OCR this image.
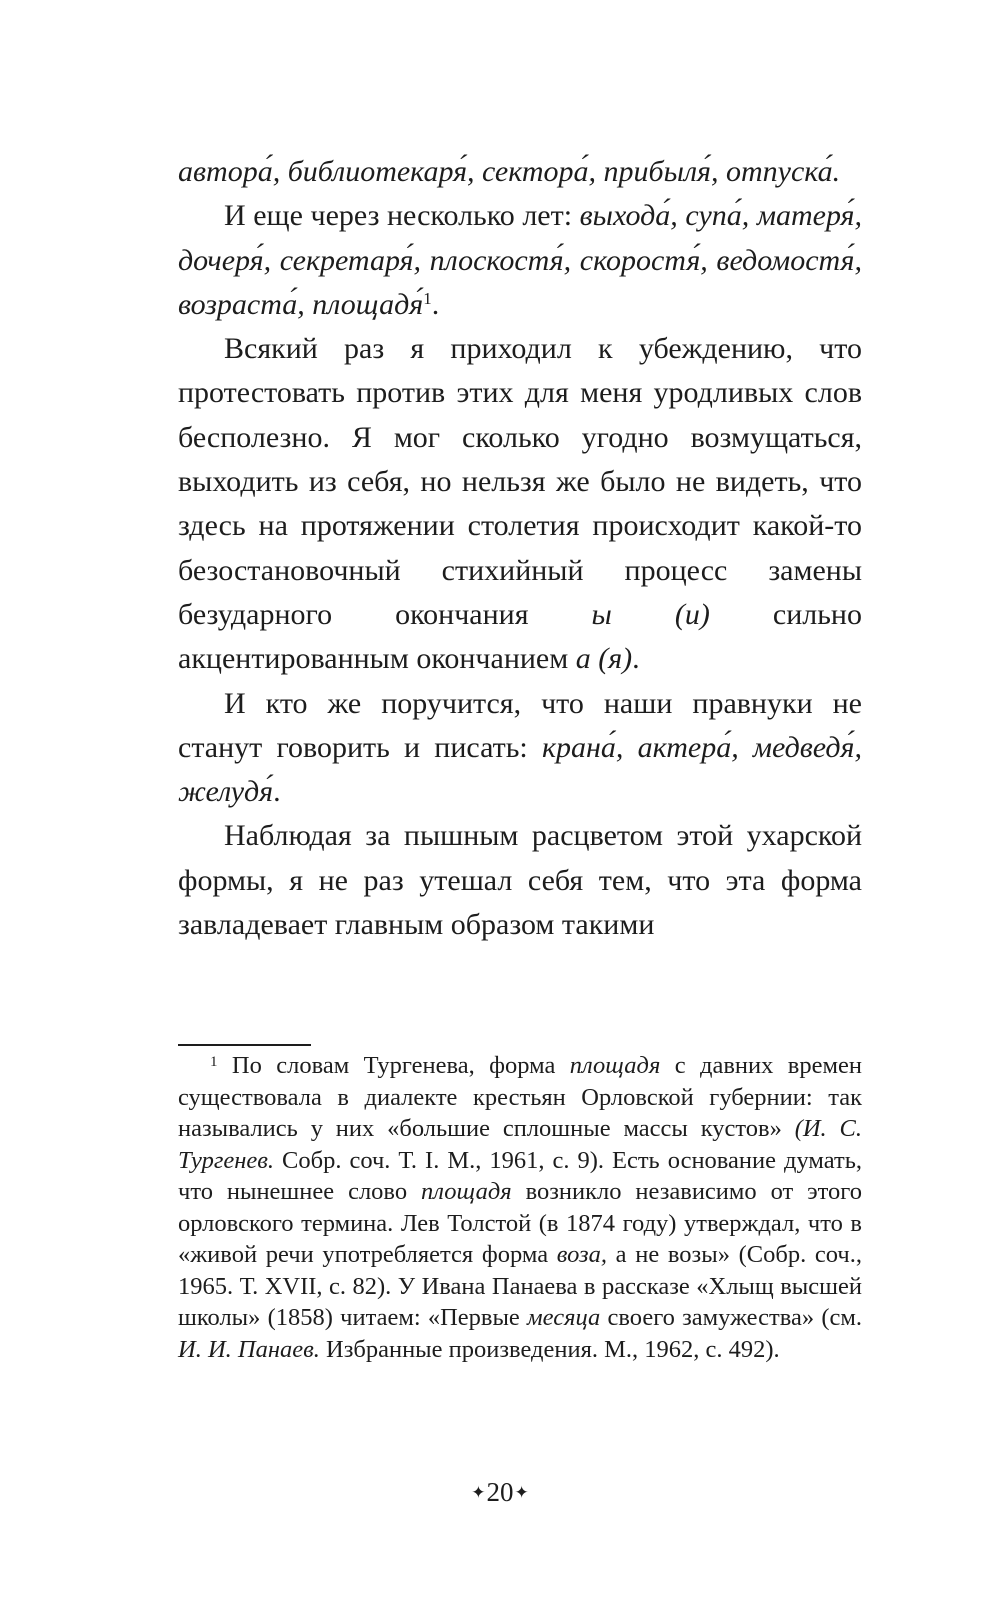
автора́, библиотекаря́, сектора́, прибыля́, отпуска́.

И еще через несколько лет: выхода́, супа́, матеря́, дочеря́, секретаря́, плоскостя́, скоростя́, ведомостя́, возраста́, площадя́$^1$.

Всякий раз я приходил к убеждению, что протестовать против этих для меня уродливых слов бесполезно. Я мог сколько угодно возмущаться, выходить из себя, но нельзя же было не видеть, что здесь на протяжении столетия происходит какой-то безостановочный стихийный процесс замены безударного окончания ы (и) сильно акцентированным окончанием а (я).

И кто же поручится, что наши правнуки не станут говорить и писать: крана́, актера́, медведя́, желудя́.

Наблюдая за пышным расцветом этой ухарской формы, я не раз утешал себя тем, что эта форма завладевает главным образом такими

$^1$ По словам Тургенева, форма площадя с давних времен существовала в диалекте крестьян Орловской губернии: так назывались у них «большие сплошные массы кустов» (И. С. Тургенев. Собр. соч. Т. I. М., 1961, с. 9). Есть основание думать, что нынешнее слово площадя возникло независимо от этого орловского термина. Лев Толстой (в 1874 году) утверждал, что в «живой речи употребляется форма воза, а не возы» (Собр. соч., 1965. Т. XVII, с. 82). У Ивана Панаева в рассказе «Хлыщ высшей школы» (1858) читаем: «Первые месяца своего замужества» (см. И. И. Панаев. Избранные произведения. М., 1962, с. 492).

✦20✦
